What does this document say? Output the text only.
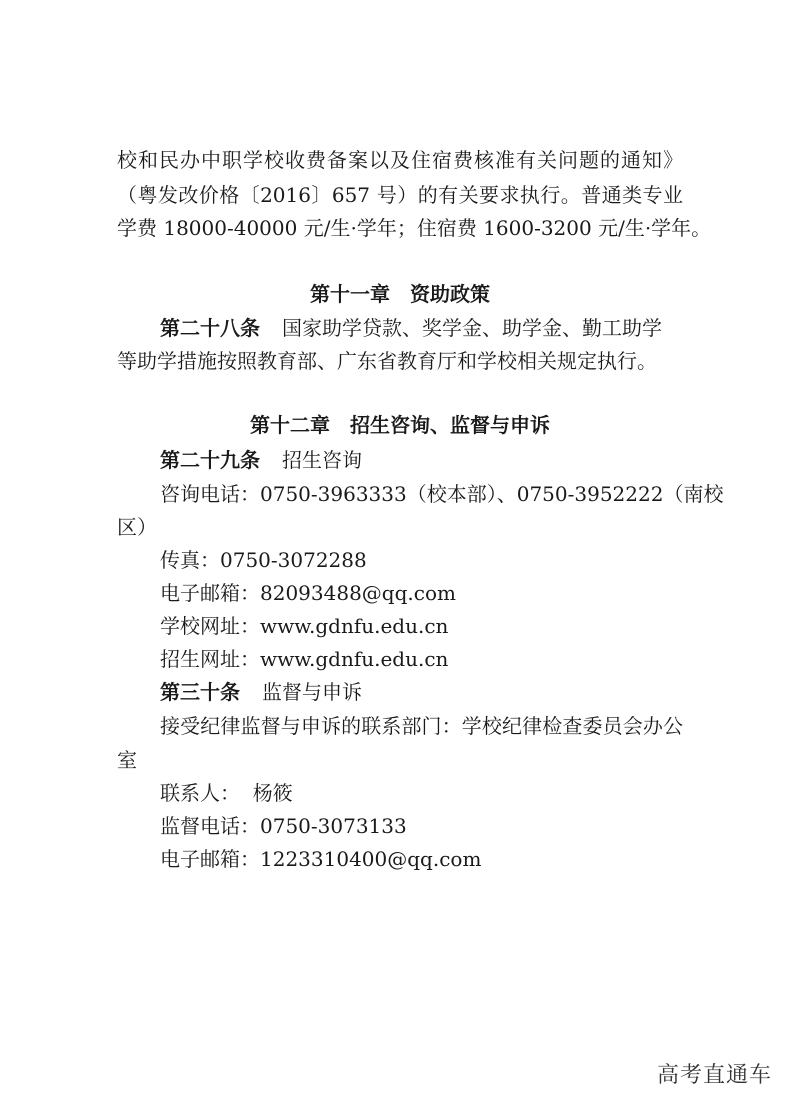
校和民办中职学校收费备案以及住宿费核准有关问题的通知》
（粤发改价格〔2016〕657 号）的有关要求执行。普通类专业
学费 18000-40000 元/生·学年；住宿费 1600-3200 元/生·学年。
第十一章　资助政策
第二十八条 国家助学贷款、奖学金、助学金、勤工助学
等助学措施按照教育部、广东省教育厅和学校相关规定执行。
第十二章　招生咨询、监督与申诉
第二十九条 招生咨询
咨询电话：0750-3963333（校本部）、0750-3952222（南校
区）
传真：0750-3072288
电子邮箱：82093488@qq.com
学校网址：www.gdnfu.edu.cn
招生网址：www.gdnfu.edu.cn
第三十条 监督与申诉
接受纪律监督与申诉的联系部门：学校纪律检查委员会办公
室
联系人：  杨筱
监督电话：0750-3073133
电子邮箱：1223310400@qq.com
高考直通车
